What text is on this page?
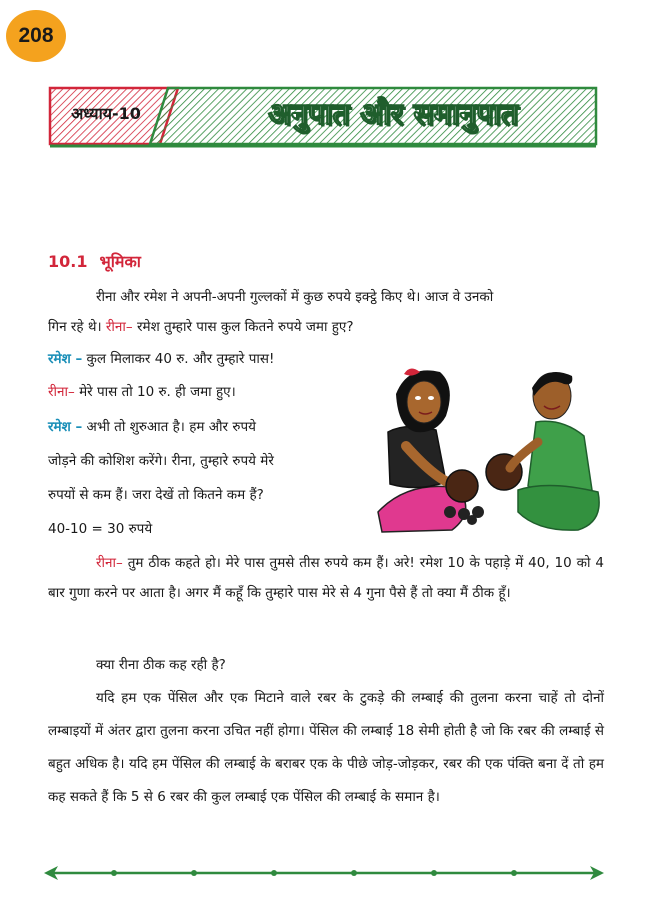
208
अध्याय-10	अनुपात और समानुपात
10.1 भूमिका
रीना और रमेश ने अपनी-अपनी गुल्लकों में कुछ रुपये इक्ट्ठे किए थे। आज वे उनको
गिन रहे थे। रीना– रमेश तुम्हारे पास कुल कितने रुपये जमा हुए?
रमेश – कुल मिलाकर 40 रु. और तुम्हारे पास!
रीना– मेरे पास तो 10 रु. ही जमा हुए।
रमेश – अभी तो शुरुआत है। हम और रुपये
जोड़ने की कोशिश करेंगे। रीना, तुम्हारे रुपये मेरे
रुपयों से कम हैं। जरा देखें तो कितने कम हैं?
40-10 = 30 रुपये
रीना– तुम ठीक कहते हो। मेरे पास तुमसे तीस रुपये कम हैं। अरे! रमेश 10 के पहाड़े में 40, 10 को 4 बार गुणा करने पर आता है। अगर मैं कहूँ कि तुम्हारे पास मेरे से 4 गुना पैसे हैं तो क्या मैं ठीक हूँ।
क्या रीना ठीक कह रही है?
यदि हम एक पेंसिल और एक मिटाने वाले रबर के टुकड़े की लम्बाई की तुलना करना चाहें तो दोनों लम्बाइयों में अंतर द्वारा तुलना करना उचित नहीं होगा। पेंसिल की लम्बाई 18 सेमी होती है जो कि रबर की लम्बाई से बहुत अधिक है। यदि हम पेंसिल की लम्बाई के बराबर एक के पीछे जोड़-जोड़कर, रबर की एक पंक्ति बना दें तो हम कह सकते हैं कि 5 से 6 रबर की कुल लम्बाई एक पेंसिल की लम्बाई के समान है।
